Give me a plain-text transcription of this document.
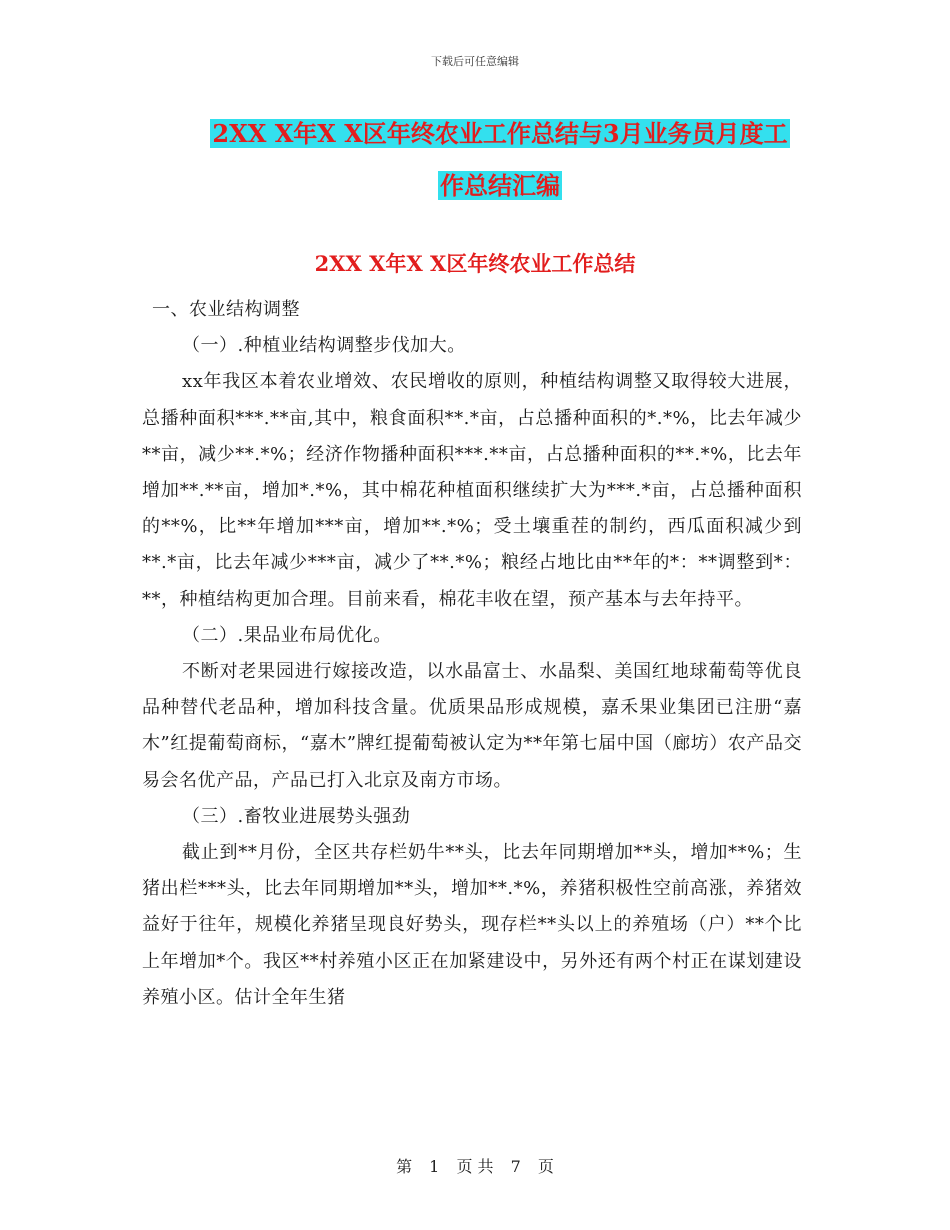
下载后可任意编辑
2XX X年X X区年终农业工作总结与3月业务员月度工
作总结汇编
2XX X年X X区年终农业工作总结

一、农业结构调整

（一）.种植业结构调整步伐加大。

xx年我区本着农业增效、农民增收的原则，种植结构调整又取得较大进展，总播种面积***.**亩,其中，粮食面积**.*亩，占总播种面积的*.*%，比去年减少**亩，减少**.*%；经济作物播种面积***.**亩，占总播种面积的**.*%，比去年增加**.**亩，增加*.*%，其中棉花种植面积继续扩大为***.*亩，占总播种面积的**%，比**年增加***亩，增加**.*%；受土壤重茬的制约，西瓜面积减少到**.*亩，比去年减少***亩，减少了**.*%；粮经占地比由**年的*：**调整到*：**，种植结构更加合理。目前来看，棉花丰收在望，预产基本与去年持平。

（二）.果品业布局优化。

不断对老果园进行嫁接改造，以水晶富士、水晶梨、美国红地球葡萄等优良品种替代老品种，增加科技含量。优质果品形成规模，嘉禾果业集团已注册“嘉木”红提葡萄商标，“嘉木”牌红提葡萄被认定为**年第七届中国（廊坊）农产品交易会名优产品，产品已打入北京及南方市场。

（三）.畜牧业进展势头强劲

截止到**月份，全区共存栏奶牛**头，比去年同期增加**头，增加**%；生猪出栏***头，比去年同期增加**头，增加**.*%，养猪积极性空前高涨，养猪效益好于往年，规模化养猪呈现良好势头，现存栏**头以上的养殖场（户）**个比上年增加*个。我区**村养殖小区正在加紧建设中，另外还有两个村正在谋划建设养殖小区。估计全年生猪

第 1 页 共 7 页
